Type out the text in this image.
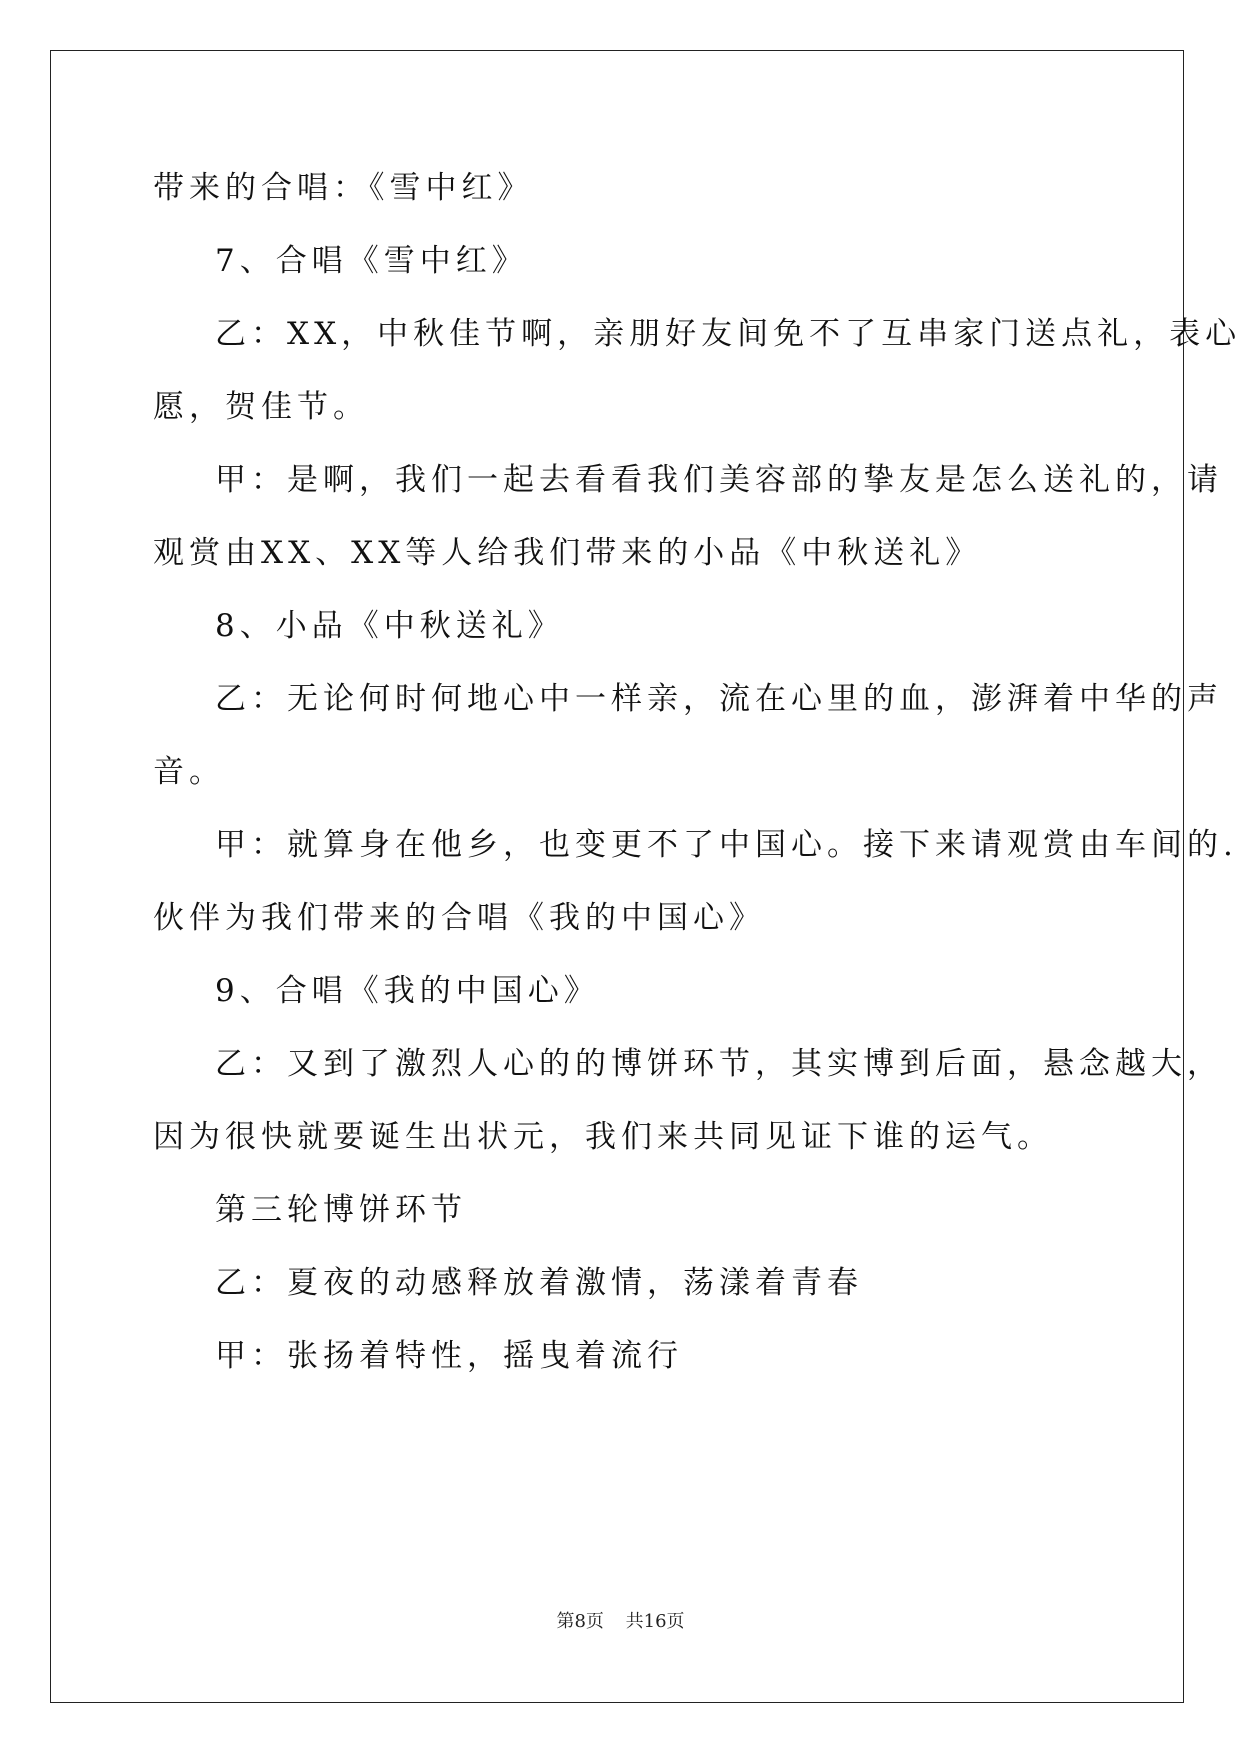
带来的合唱：《雪中红》
7、合唱《雪中红》
乙：XX，中秋佳节啊，亲朋好友间免不了互串家门送点礼，表心
愿，贺佳节。
甲：是啊，我们一起去看看我们美容部的挚友是怎么送礼的，请
观赏由XX、XX等人给我们带来的小品《中秋送礼》
8、小品《中秋送礼》
乙：无论何时何地心中一样亲，流在心里的血，澎湃着中华的声
音。
甲：就算身在他乡，也变更不了中国心。接下来请观赏由车间的.
伙伴为我们带来的合唱《我的中国心》
9、合唱《我的中国心》
乙：又到了激烈人心的的博饼环节，其实博到后面，悬念越大，
因为很快就要诞生出状元，我们来共同见证下谁的运气。
第三轮博饼环节
乙：夏夜的动感释放着激情，荡漾着青春
甲：张扬着特性，摇曳着流行
第8页 共16页
